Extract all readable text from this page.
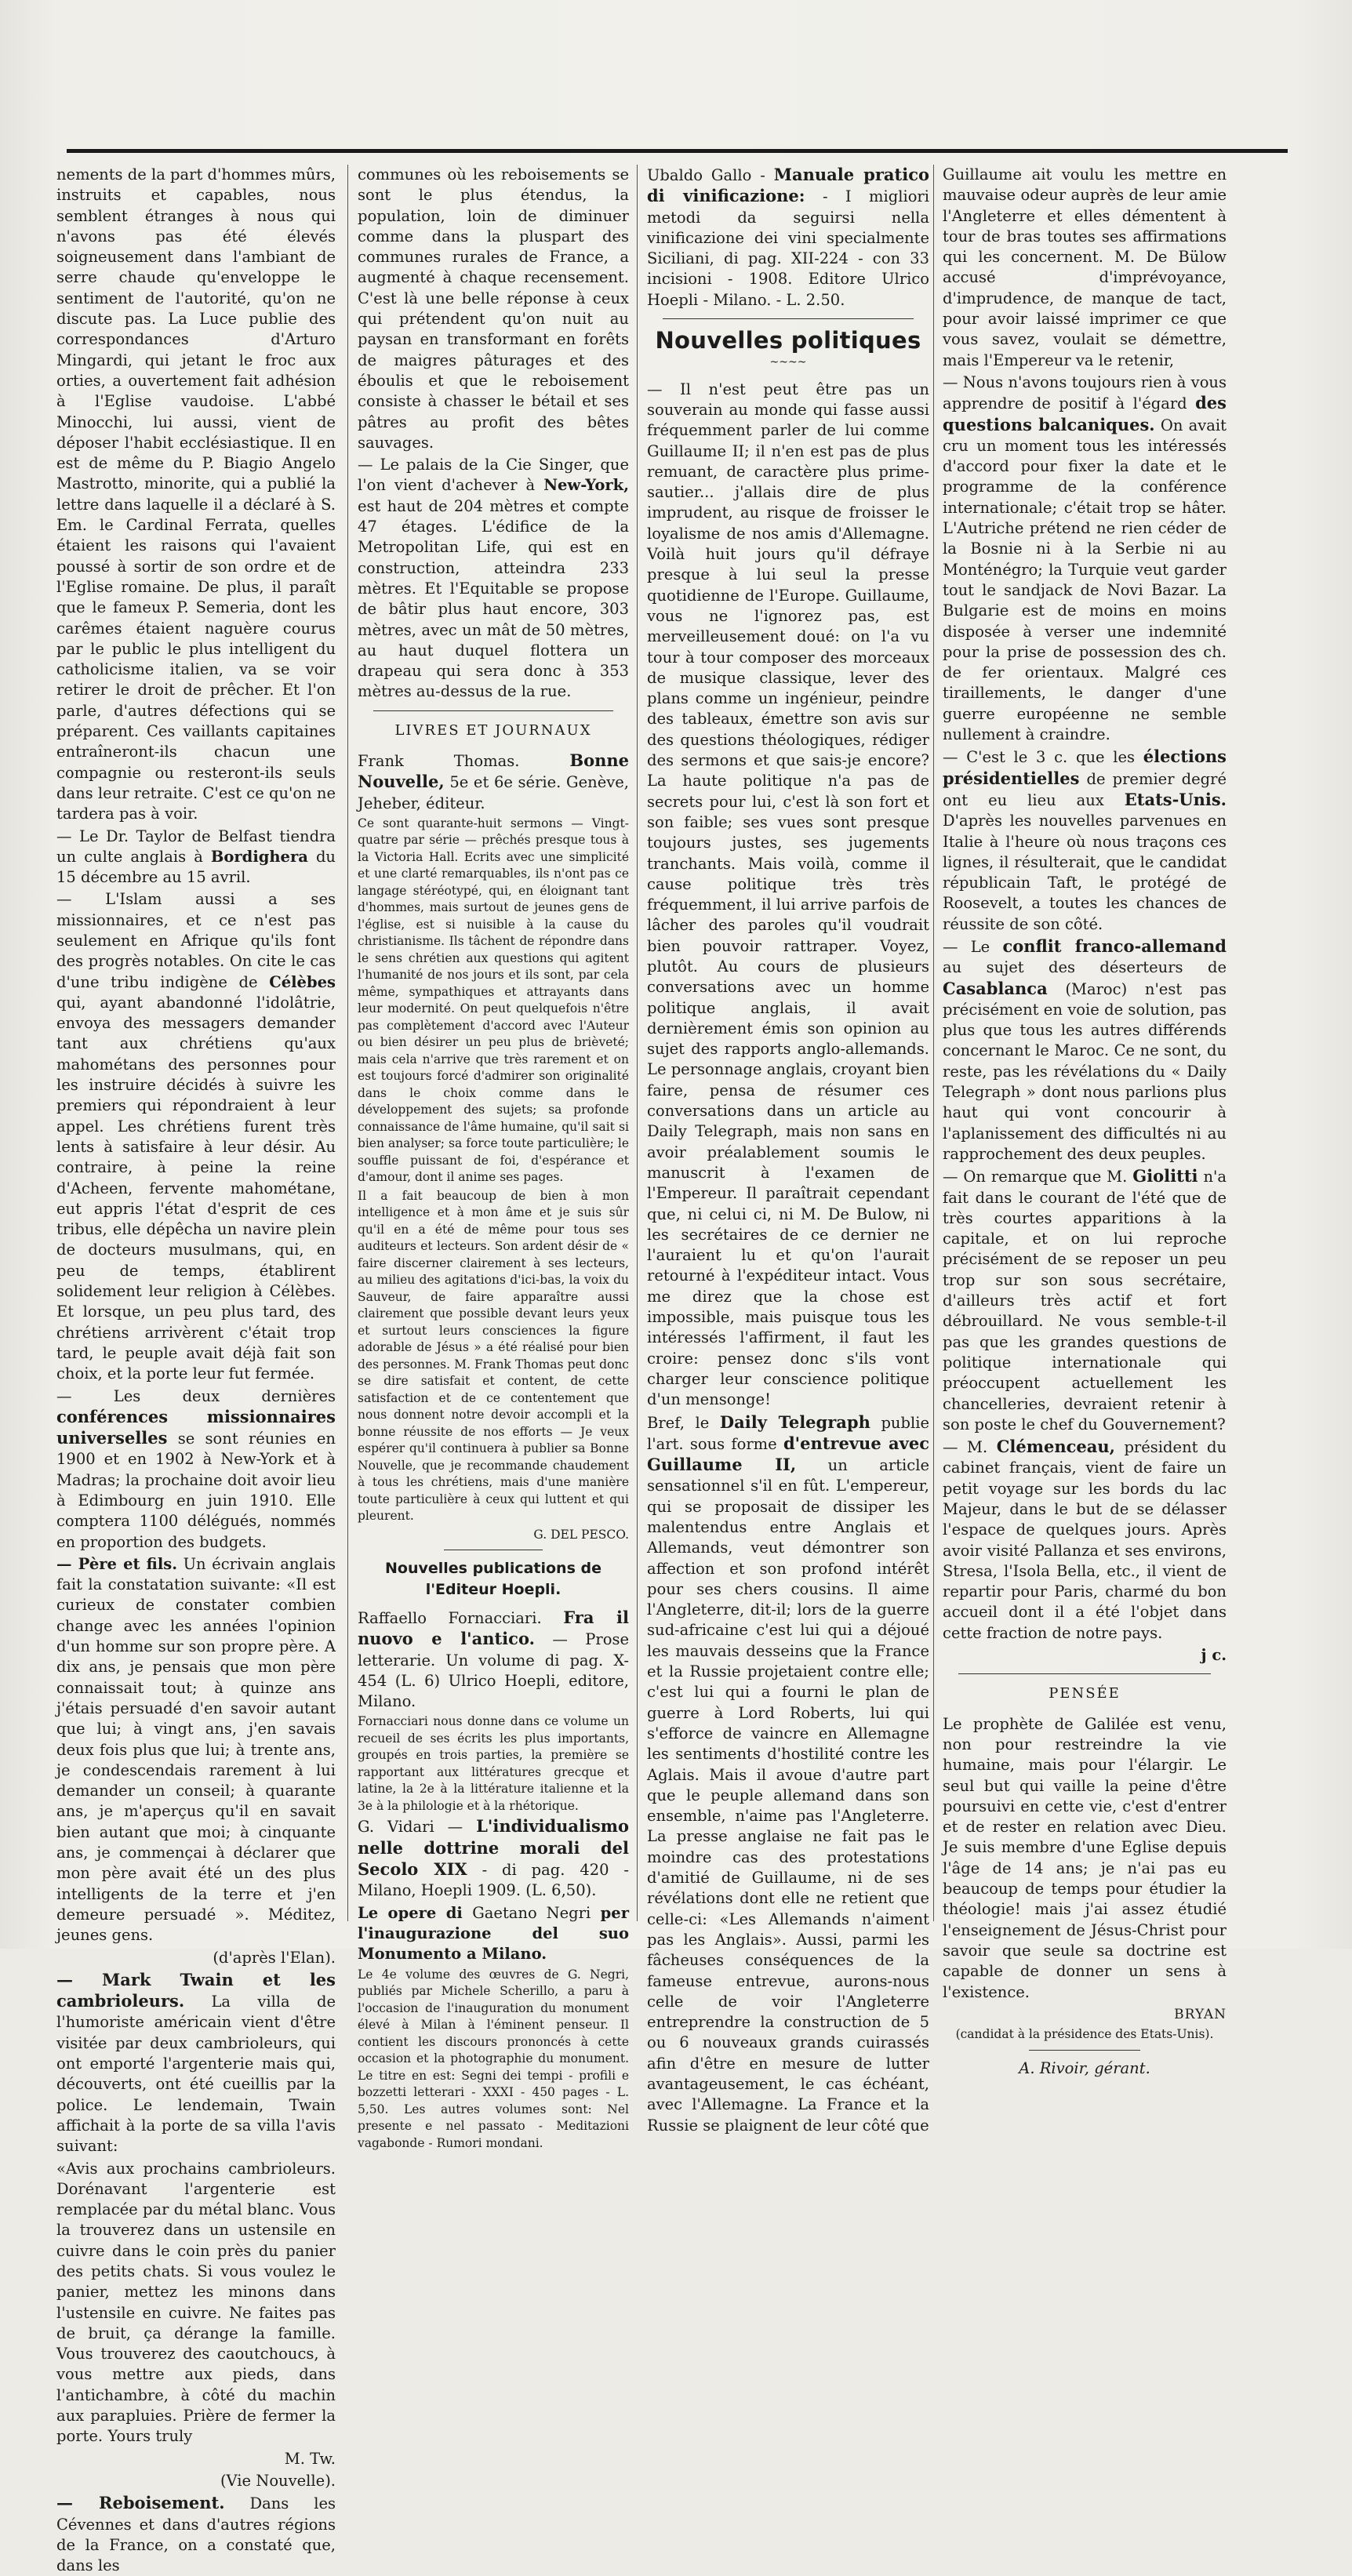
nements de la part d'hommes mûrs, instruits et capables, nous semblent étranges à nous qui n'avons pas été élevés soigneusement dans l'ambiant de serre chaude qu'enveloppe le sentiment de l'autorité, qu'on ne discute pas. La Luce publie des correspondances d'Arturo Mingardi, qui jetant le froc aux orties, a ouvertement fait adhésion à l'Eglise vaudoise. L'abbé Minocchi, lui aussi, vient de déposer l'habit ecclésiastique. Il en est de même du P. Biagio Angelo Mastrotto, minorite, qui a publié la lettre dans laquelle il a déclaré à S. Em. le Cardinal Ferrata, quelles étaient les raisons qui l'avaient poussé à sortir de son ordre et de l'Eglise romaine. De plus, il paraît que le fameux P. Semeria, dont les carêmes étaient naguère courus par le public le plus intelligent du catholicisme italien, va se voir retirer le droit de prêcher. Et l'on parle, d'autres défections qui se préparent. Ces vaillants capitaines entraîneront-ils chacun une compagnie ou resteront-ils seuls dans leur retraite. C'est ce qu'on ne tardera pas à voir.

— Le Dr. Taylor de Belfast tiendra un culte anglais à Bordighera du 15 décembre au 15 avril.

— L'Islam aussi a ses missionnaires, et ce n'est pas seulement en Afrique qu'ils font des progrès notables. On cite le cas d'une tribu indigène de Célèbes qui, ayant abandonné l'idolâtrie, envoya des messagers demander tant aux chrétiens qu'aux mahométans des personnes pour les instruire décidés à suivre les premiers qui répondraient à leur appel. Les chrétiens furent très lents à satisfaire à leur désir. Au contraire, à peine la reine d'Acheen, fervente mahométane, eut appris l'état d'esprit de ces tribus, elle dépêcha un navire plein de docteurs musulmans, qui, en peu de temps, établirent solidement leur religion à Célèbes. Et lorsque, un peu plus tard, des chrétiens arrivèrent c'était trop tard, le peuple avait déjà fait son choix, et la porte leur fut fermée.

— Les deux dernières conférences missionnaires universelles se sont réunies en 1900 et en 1902 à New-York et à Madras; la prochaine doit avoir lieu à Edimbourg en juin 1910. Elle comptera 1100 délégués, nommés en proportion des budgets.

— Père et fils. Un écrivain anglais fait la constatation suivante: «Il est curieux de constater combien change avec les années l'opinion d'un homme sur son propre père. A dix ans, je pensais que mon père connaissait tout; à quinze ans j'étais persuadé d'en savoir autant que lui; à vingt ans, j'en savais deux fois plus que lui; à trente ans, je condescendais rarement à lui demander un conseil; à quarante ans, je m'aperçus qu'il en savait bien autant que moi; à cinquante ans, je commençai à déclarer que mon père avait été un des plus intelligents de la terre et j'en demeure persuadé ». Méditez, jeunes gens.

(d'après l'Elan).

— Mark Twain et les cambrioleurs. La villa de l'humoriste américain vient d'être visitée par deux cambrioleurs, qui ont emporté l'argenterie mais qui, découverts, ont été cueillis par la police. Le lendemain, Twain affichait à la porte de sa villa l'avis suivant:

«Avis aux prochains cambrioleurs. Dorénavant l'argenterie est remplacée par du métal blanc. Vous la trouverez dans un ustensile en cuivre dans le coin près du panier des petits chats. Si vous voulez le panier, mettez les minons dans l'ustensile en cuivre. Ne faites pas de bruit, ça dérange la famille. Vous trouverez des caoutchoucs, à vous mettre aux pieds, dans l'antichambre, à côté du machin aux parapluies. Prière de fermer la porte. Yours truly

M. Tw.

(Vie Nouvelle).

— Reboisement. Dans les Cévennes et dans d'autres régions de la France, on a constaté que, dans les

communes où les reboisements se sont le plus étendus, la population, loin de diminuer comme dans la pluspart des communes rurales de France, a augmenté à chaque recensement. C'est là une belle réponse à ceux qui prétendent qu'on nuit au paysan en transformant en forêts de maigres pâturages et des éboulis et que le reboisement consiste à chasser le bétail et ses pâtres au profit des bêtes sauvages.

— Le palais de la Cie Singer, que l'on vient d'achever à New-York, est haut de 204 mètres et compte 47 étages. L'édifice de la Metropolitan Life, qui est en construction, atteindra 233 mètres. Et l'Equitable se propose de bâtir plus haut encore, 303 mètres, avec un mât de 50 mètres, au haut duquel flottera un drapeau qui sera donc à 353 mètres au-dessus de la rue.

LIVRES ET JOURNAUX

Frank Thomas.	Bonne Nouvelle, 5e et 6e série. Genève, Jeheber, éditeur.

Ce sont quarante-huit sermons — Vingt-quatre par série — prêchés presque tous à la Victoria Hall. Ecrits avec une simplicité et une clarté remarquables, ils n'ont pas ce langage stéréotypé, qui, en éloignant tant d'hommes, mais surtout de jeunes gens de l'église, est si nuisible à la cause du christianisme. Ils tâchent de répondre dans le sens chrétien aux questions qui agitent l'humanité de nos jours et ils sont, par cela même, sympathiques et attrayants dans leur modernité. On peut quelquefois n'être pas complètement d'accord avec l'Auteur ou bien désirer un peu plus de brièveté; mais cela n'arrive que très rarement et on est toujours forcé d'admirer son originalité dans le choix comme dans le développement des sujets; sa profonde connaissance de l'âme humaine, qu'il sait si bien analyser; sa force toute particulière; le souffle puissant de foi, d'espérance et d'amour, dont il anime ses pages.

Il a fait beaucoup de bien à mon intelligence et à mon âme et je suis sûr qu'il en a été de même pour tous ses auditeurs et lecteurs. Son ardent désir de « faire discerner clairement à ses lecteurs, au milieu des agitations d'ici-bas, la voix du Sauveur, de faire apparaître aussi clairement que possible devant leurs yeux et surtout leurs consciences la figure adorable de Jésus » a été réalisé pour bien des personnes. M. Frank Thomas peut donc se dire satisfait et content, de cette satisfaction et de ce contentement que nous donnent notre devoir accompli et la bonne réussite de nos efforts — Je veux espérer qu'il continuera à publier sa Bonne Nouvelle, que je recommande chaudement à tous les chrétiens, mais d'une manière toute particulière à ceux qui luttent et qui pleurent.

G. DEL PESCO.

Nouvelles publications de l'Editeur Hoepli.

Raffaello Fornacciari. Fra il nuovo e l'antico. — Prose letterarie. Un volume di pag. X-454 (L. 6) Ulrico Hoepli, editore, Milano.

Fornacciari nous donne dans ce volume un recueil de ses écrits les plus importants, groupés en trois parties, la première se rapportant aux littératures grecque et latine, la 2e à la littérature italienne et la 3e à la philologie et à la rhétorique.

G. Vidari — L'individualismo nelle dottrine morali del Secolo XIX - di pag. 420 - Milano, Hoepli 1909. (L. 6,50).

Le opere di Gaetano Negri per l'inaugurazione del suo Monumento a Milano.

Le 4e volume des œuvres de G. Negri, publiés par Michele Scherillo, a paru à l'occasion de l'inauguration du monument élevé à Milan à l'éminent penseur. Il contient les discours prononcés à cette occasion et la photographie du monument. Le titre en est: Segni dei tempi - profili e bozzetti letterari - XXXI - 450 pages - L. 5,50. Les autres volumes sont: Nel presente e nel passato - Meditazioni vagabonde - Rumori mondani.

Ubaldo Gallo - Manuale pratico di vinificazione: - I migliori metodi da seguirsi nella vinificazione dei vini specialmente Siciliani, di pag. XII-224 - con 33 incisioni - 1908. Editore Ulrico Hoepli - Milano. - L. 2.50.

Nouvelles politiques
~~~~

— Il n'est peut être pas un souverain au monde qui fasse aussi fréquemment parler de lui comme Guillaume II; il n'en est pas de plus remuant, de caractère plus prime-sautier... j'allais dire de plus imprudent, au risque de froisser le loyalisme de nos amis d'Allemagne. Voilà huit jours qu'il défraye presque à lui seul la presse quotidienne de l'Europe. Guillaume, vous ne l'ignorez pas, est merveilleusement doué: on l'a vu tour à tour composer des morceaux de musique classique, lever des plans comme un ingénieur, peindre des tableaux, émettre son avis sur des questions théologiques, rédiger des sermons et que sais-je encore? La haute politique n'a pas de secrets pour lui, c'est là son fort et son faible; ses vues sont presque toujours justes, ses jugements tranchants. Mais voilà, comme il cause politique très très fréquemment, il lui arrive parfois de lâcher des paroles qu'il voudrait bien pouvoir rattraper. Voyez, plutôt. Au cours de plusieurs conversations avec un homme politique anglais, il avait dernièrement émis son opinion au sujet des rapports anglo-allemands. Le personnage anglais, croyant bien faire, pensa de résumer ces conversations dans un article au Daily Telegraph, mais non sans en avoir préalablement soumis le manuscrit à l'examen de l'Empereur. Il paraîtrait cependant que, ni celui ci, ni M. De Bulow, ni les secrétaires de ce dernier ne l'auraient lu et qu'on l'aurait retourné à l'expéditeur intact. Vous me direz que la chose est impossible, mais puisque tous les intéressés l'affirment, il faut les croire: pensez donc s'ils vont charger leur conscience politique d'un mensonge!

Bref, le Daily Telegraph publie l'art. sous forme d'entrevue avec Guillaume II, un article sensationnel s'il en fût. L'empereur, qui se proposait de dissiper les malentendus entre Anglais et Allemands, veut démontrer son affection et son profond intérêt pour ses chers cousins. Il aime l'Angleterre, dit-il; lors de la guerre sud-africaine c'est lui qui a déjoué les mauvais desseins que la France et la Russie projetaient contre elle; c'est lui qui a fourni le plan de guerre à Lord Roberts, lui qui s'efforce de vaincre en Allemagne les sentiments d'hostilité contre les Aglais. Mais il avoue d'autre part que le peuple allemand dans son ensemble, n'aime pas l'Angleterre. La presse anglaise ne fait pas le moindre cas des protestations d'amitié de Guillaume, ni de ses révélations dont elle ne retient que celle-ci: «Les Allemands n'aiment pas les Anglais». Aussi, parmi les fâcheuses conséquences de la fameuse entrevue, aurons-nous celle de voir l'Angleterre entreprendre la construction de 5 ou 6 nouveaux grands cuirassés afin d'être en mesure de lutter avantageusement, le cas échéant, avec l'Allemagne. La France et la Russie se plaignent de leur côté que

Guillaume ait voulu les mettre en mauvaise odeur auprès de leur amie l'Angleterre et elles démentent à tour de bras toutes ses affirmations qui les concernent. M. De Bülow accusé d'imprévoyance, d'imprudence, de manque de tact, pour avoir laissé imprimer ce que vous savez, voulait se démettre, mais l'Empereur va le retenir,

— Nous n'avons toujours rien à vous apprendre de positif à l'égard des questions balcaniques. On avait cru un moment tous les intéressés d'accord pour fixer la date et le programme de la conférence internationale; c'était trop se hâter. L'Autriche prétend ne rien céder de la Bosnie ni à la Serbie ni au Monténégro; la Turquie veut garder tout le sandjack de Novi Bazar. La Bulgarie est de moins en moins disposée à verser une indemnité pour la prise de possession des ch. de fer orientaux. Malgré ces tiraillements, le danger d'une guerre européenne ne semble nullement à craindre.

— C'est le 3 c. que les élections présidentielles de premier degré ont eu lieu aux Etats-Unis. D'après les nouvelles parvenues en Italie à l'heure où nous traçons ces lignes, il résulterait, que le candidat républicain Taft, le protégé de Roosevelt, a toutes les chances de réussite de son côté.

— Le conflit franco-allemand au sujet des déserteurs de Casablanca (Maroc) n'est pas précisément en voie de solution, pas plus que tous les autres différends concernant le Maroc. Ce ne sont, du reste, pas les révélations du « Daily Telegraph » dont nous parlions plus haut qui vont concourir à l'aplanissement des difficultés ni au rapprochement des deux peuples.

— On remarque que M. Giolitti n'a fait dans le courant de l'été que de très courtes apparitions à la capitale, et on lui reproche précisément de se reposer un peu trop sur son sous secrétaire, d'ailleurs très actif et fort débrouillard. Ne vous semble-t-il pas que les grandes questions de politique internationale qui préoccupent actuellement les chancelleries, devraient retenir à son poste le chef du Gouvernement?

— M. Clémenceau, président du cabinet français, vient de faire un petit voyage sur les bords du lac Majeur, dans le but de se délasser l'espace de quelques jours. Après avoir visité Pallanza et ses environs, Stresa, l'Isola Bella, etc., il vient de repartir pour Paris, charmé du bon accueil dont il a été l'objet dans cette fraction de notre pays.

j c.

PENSÉE

Le prophète de Galilée est venu, non pour restreindre la vie humaine, mais pour l'élargir. Le seul but qui vaille la peine d'être poursuivi en cette vie, c'est d'entrer et de rester en relation avec Dieu. Je suis membre d'une Eglise depuis l'âge de 14 ans; je n'ai pas eu beaucoup de temps pour étudier la théologie! mais j'ai assez étudié l'enseignement de Jésus-Christ pour savoir que seule sa doctrine est capable de donner un sens à l'existence.

BRYAN

(candidat à la présidence des Etats-Unis).

A. Rivoir, gérant.
